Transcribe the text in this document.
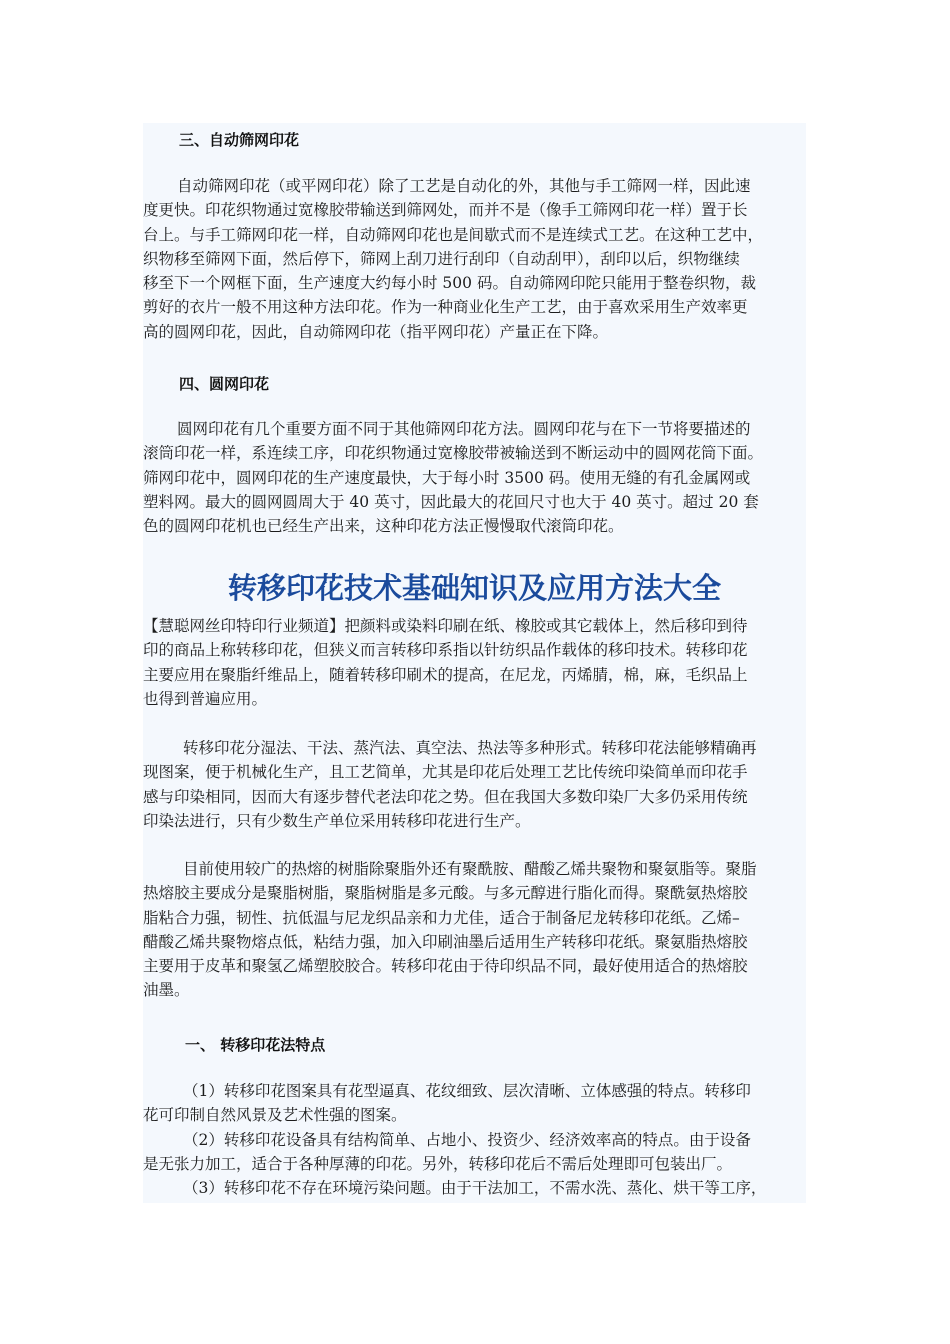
三、自动筛网印花
自动筛网印花（或平网印花）除了工艺是自动化的外，其他与手工筛网一样，因此速
度更快。印花织物通过宽橡胶带输送到筛网处，而并不是（像手工筛网印花一样）置于长
台上。与手工筛网印花一样，自动筛网印花也是间歇式而不是连续式工艺。在这种工艺中，
织物移至筛网下面，然后停下，筛网上刮刀进行刮印（自动刮甲），刮印以后，织物继续
移至下一个网框下面，生产速度大约每小时 500 码。自动筛网印陀只能用于整卷织物，裁
剪好的衣片一般不用这种方法印花。作为一种商业化生产工艺，由于喜欢采用生产效率更
高的圆网印花，因此，自动筛网印花（指平网印花）产量正在下降。
四、圆网印花
圆网印花有几个重要方面不同于其他筛网印花方法。圆网印花与在下一节将要描述的
滚筒印花一样，系连续工序，印花织物通过宽橡胶带被输送到不断运动中的圆网花筒下面。
筛网印花中，圆网印花的生产速度最快，大于每小时 3500 码。使用无缝的有孔金属网或
塑料网。最大的圆网圆周大于 40 英寸，因此最大的花回尺寸也大于 40 英寸。超过 20 套
色的圆网印花机也已经生产出来，这种印花方法正慢慢取代滚筒印花。
转移印花技术基础知识及应用方法大全
【慧聪网丝印特印行业频道】把颜料或染料印刷在纸、橡胶或其它载体上，然后移印到待
印的商品上称转移印花，但狭义而言转移印系指以针纺织品作载体的移印技术。转移印花
主要应用在聚脂纤维品上，随着转移印刷术的提高，在尼龙，丙烯腈，棉，麻，毛织品上
也得到普遍应用。
转移印花分湿法、干法、蒸汽法、真空法、热法等多种形式。转移印花法能够精确再
现图案，便于机械化生产，且工艺简单，尤其是印花后处理工艺比传统印染简单而印花手
感与印染相同，因而大有逐步替代老法印花之势。但在我国大多数印染厂大多仍采用传统
印染法进行，只有少数生产单位采用转移印花进行生产。
目前使用较广的热熔的树脂除聚脂外还有聚酰胺、醋酸乙烯共聚物和聚氨脂等。聚脂
热熔胶主要成分是聚脂树脂，聚脂树脂是多元酸。与多元醇进行脂化而得。聚酰氨热熔胶
脂粘合力强，韧性、抗低温与尼龙织品亲和力尤佳，适合于制备尼龙转移印花纸。乙烯–
醋酸乙烯共聚物熔点低，粘结力强，加入印刷油墨后适用生产转移印花纸。聚氨脂热熔胶
主要用于皮革和聚氢乙烯塑胶胶合。转移印花由于待印织品不同，最好使用适合的热熔胶
油墨。
一、 转移印花法特点
（1）转移印花图案具有花型逼真、花纹细致、层次清晰、立体感强的特点。转移印
花可印制自然风景及艺术性强的图案。
（2）转移印花设备具有结构简单、占地小、投资少、经济效率高的特点。由于设备
是无张力加工，适合于各种厚薄的印花。另外，转移印花后不需后处理即可包装出厂。
（3）转移印花不存在环境污染问题。由于干法加工，不需水洗、蒸化、烘干等工序，
